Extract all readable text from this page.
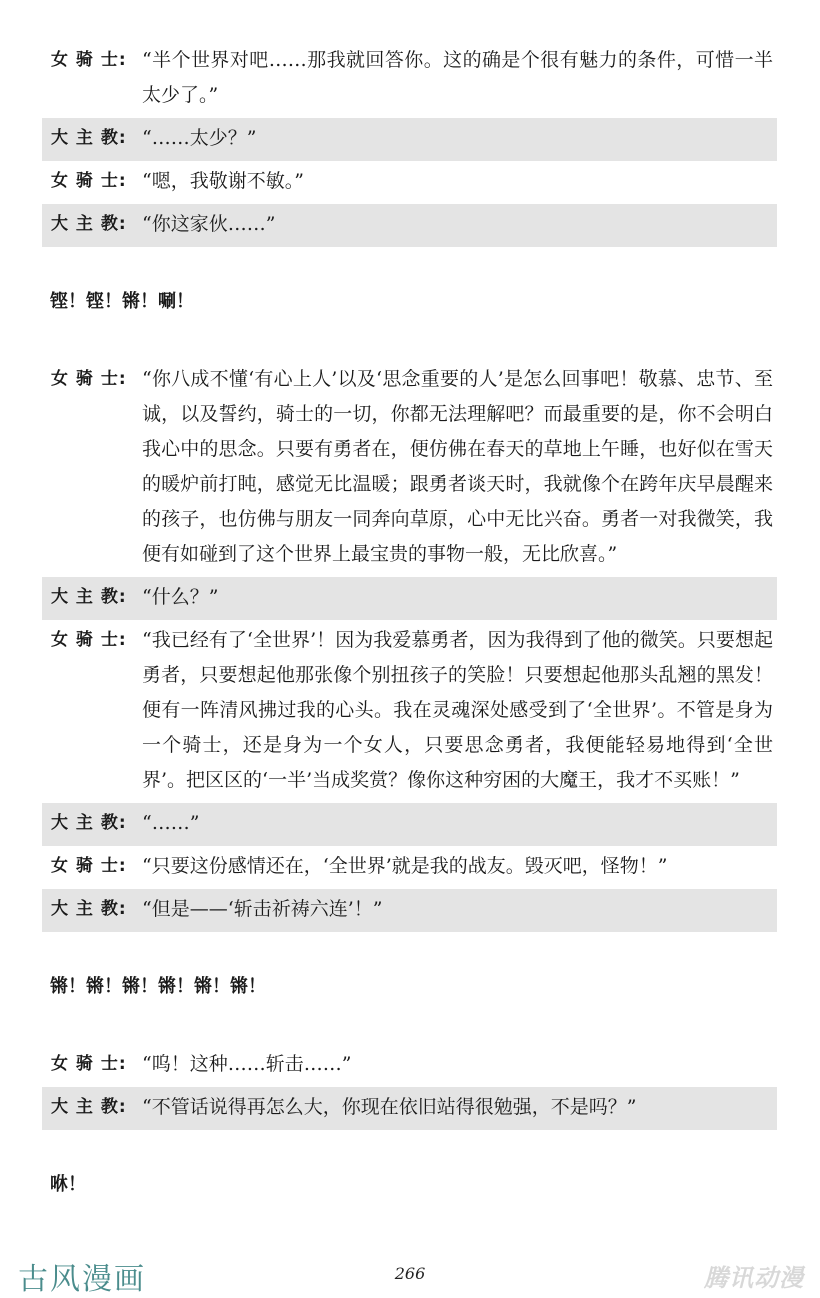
女 骑 士: “半个世界对吧……那我就回答你。这的确是个很有魅力的条件，可惜一半太少了。”
大 主 教: “……太少？”
女 骑 士: “嗯，我敬谢不敏。”
大 主 教: “你这家伙……”
铿！铿！锵！唰！
女 骑 士: “你八成不懂‘有心上人’以及‘思念重要的人’是怎么回事吧！敬慕、忠节、至诚，以及誓约，骑士的一切，你都无法理解吧？而最重要的是，你不会明白我心中的思念。只要有勇者在，便仿佛在春天的草地上午睡，也好似在雪天的暖炉前打盹，感觉无比温暖；跟勇者谈天时，我就像个在跨年庆早晨醒来的孩子，也仿佛与朋友一同奔向草原，心中无比兴奋。勇者一对我微笑，我便有如碰到了这个世界上最宝贵的事物一般，无比欣喜。”
大 主 教: “什么？”
女 骑 士: “我已经有了‘全世界’！因为我爱慕勇者，因为我得到了他的微笑。只要想起勇者，只要想起他那张像个别扭孩子的笑脸！只要想起他那头乱翘的黑发！便有一阵清风拂过我的心头。我在灵魂深处感受到了‘全世界’。不管是身为一个骑士，还是身为一个女人，只要思念勇者，我便能轻易地得到‘全世界’。把区区的‘一半’当成奖赏？像你这种穷困的大魔王，我才不买账！”
大 主 教: “……”
女 骑 士: “只要这份感情还在，‘全世界’就是我的战友。毁灭吧，怪物！”
大 主 教: “但是——‘斩击祈祷六连’！”
锵！锵！锵！锵！锵！锵！
女 骑 士: “呜！这种……斩击……”
大 主 教: “不管话说得再怎么大，你现在依旧站得很勉强，不是吗？”
咻！
古风漫画	266	腾讯动漫
